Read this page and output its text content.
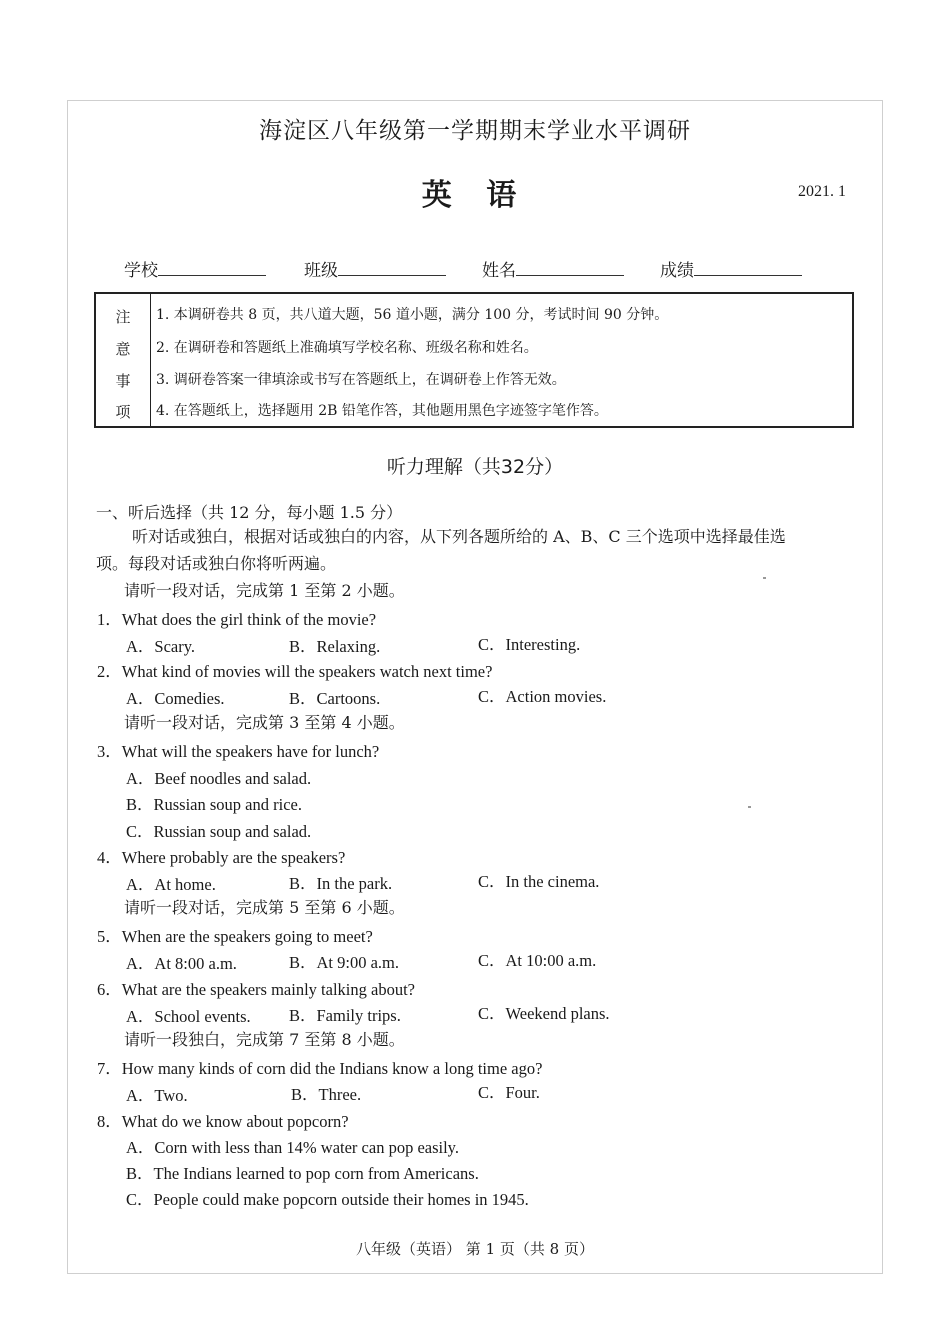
海淀区八年级第一学期期末学业水平调研
英 语	2021. 1
学校	班级	姓名	成绩
注
意
事
项
1. 本调研卷共 8 页，共八道大题，56 道小题，满分 100 分，考试时间 90 分钟。
2. 在调研卷和答题纸上准确填写学校名称、班级名称和姓名。
3. 调研卷答案一律填涂或书写在答题纸上，在调研卷上作答无效。
4. 在答题纸上，选择题用 2B 铅笔作答，其他题用黑色字迹签字笔作答。
听力理解（共32分）
一、听后选择（共 12 分，每小题 1.5 分）
听对话或独白，根据对话或独白的内容，从下列各题所给的 A、B、C 三个选项中选择最佳选
项。每段对话或独白你将听两遍。
请听一段对话，完成第 1 至第 2 小题。
1．What does the girl think of the movie?
A．Scary.	B．Relaxing.	C．Interesting.
2．What kind of movies will the speakers watch next time?
A．Comedies.	B．Cartoons.	C．Action movies.
请听一段对话，完成第 3 至第 4 小题。
3．What will the speakers have for lunch?
A．Beef noodles and salad.
B．Russian soup and rice.
C．Russian soup and salad.
4．Where probably are the speakers?
A．At home.	B．In the park.	C．In the cinema.
请听一段对话，完成第 5 至第 6 小题。
5．When are the speakers going to meet?
A．At 8:00 a.m.	B．At 9:00 a.m.	C．At 10:00 a.m.
6．What are the speakers mainly talking about?
A．School events. B．Family trips.	C．Weekend plans.
请听一段独白，完成第 7 至第 8 小题。
7．How many kinds of corn did the Indians know a long time ago?
A．Two.	B．Three.	C．Four.
8．What do we know about popcorn?
A．Corn with less than 14% water can pop easily.
B．The Indians learned to pop corn from Americans.
C．People could make popcorn outside their homes in 1945.
八年级（英语） 第 1 页（共 8 页）
